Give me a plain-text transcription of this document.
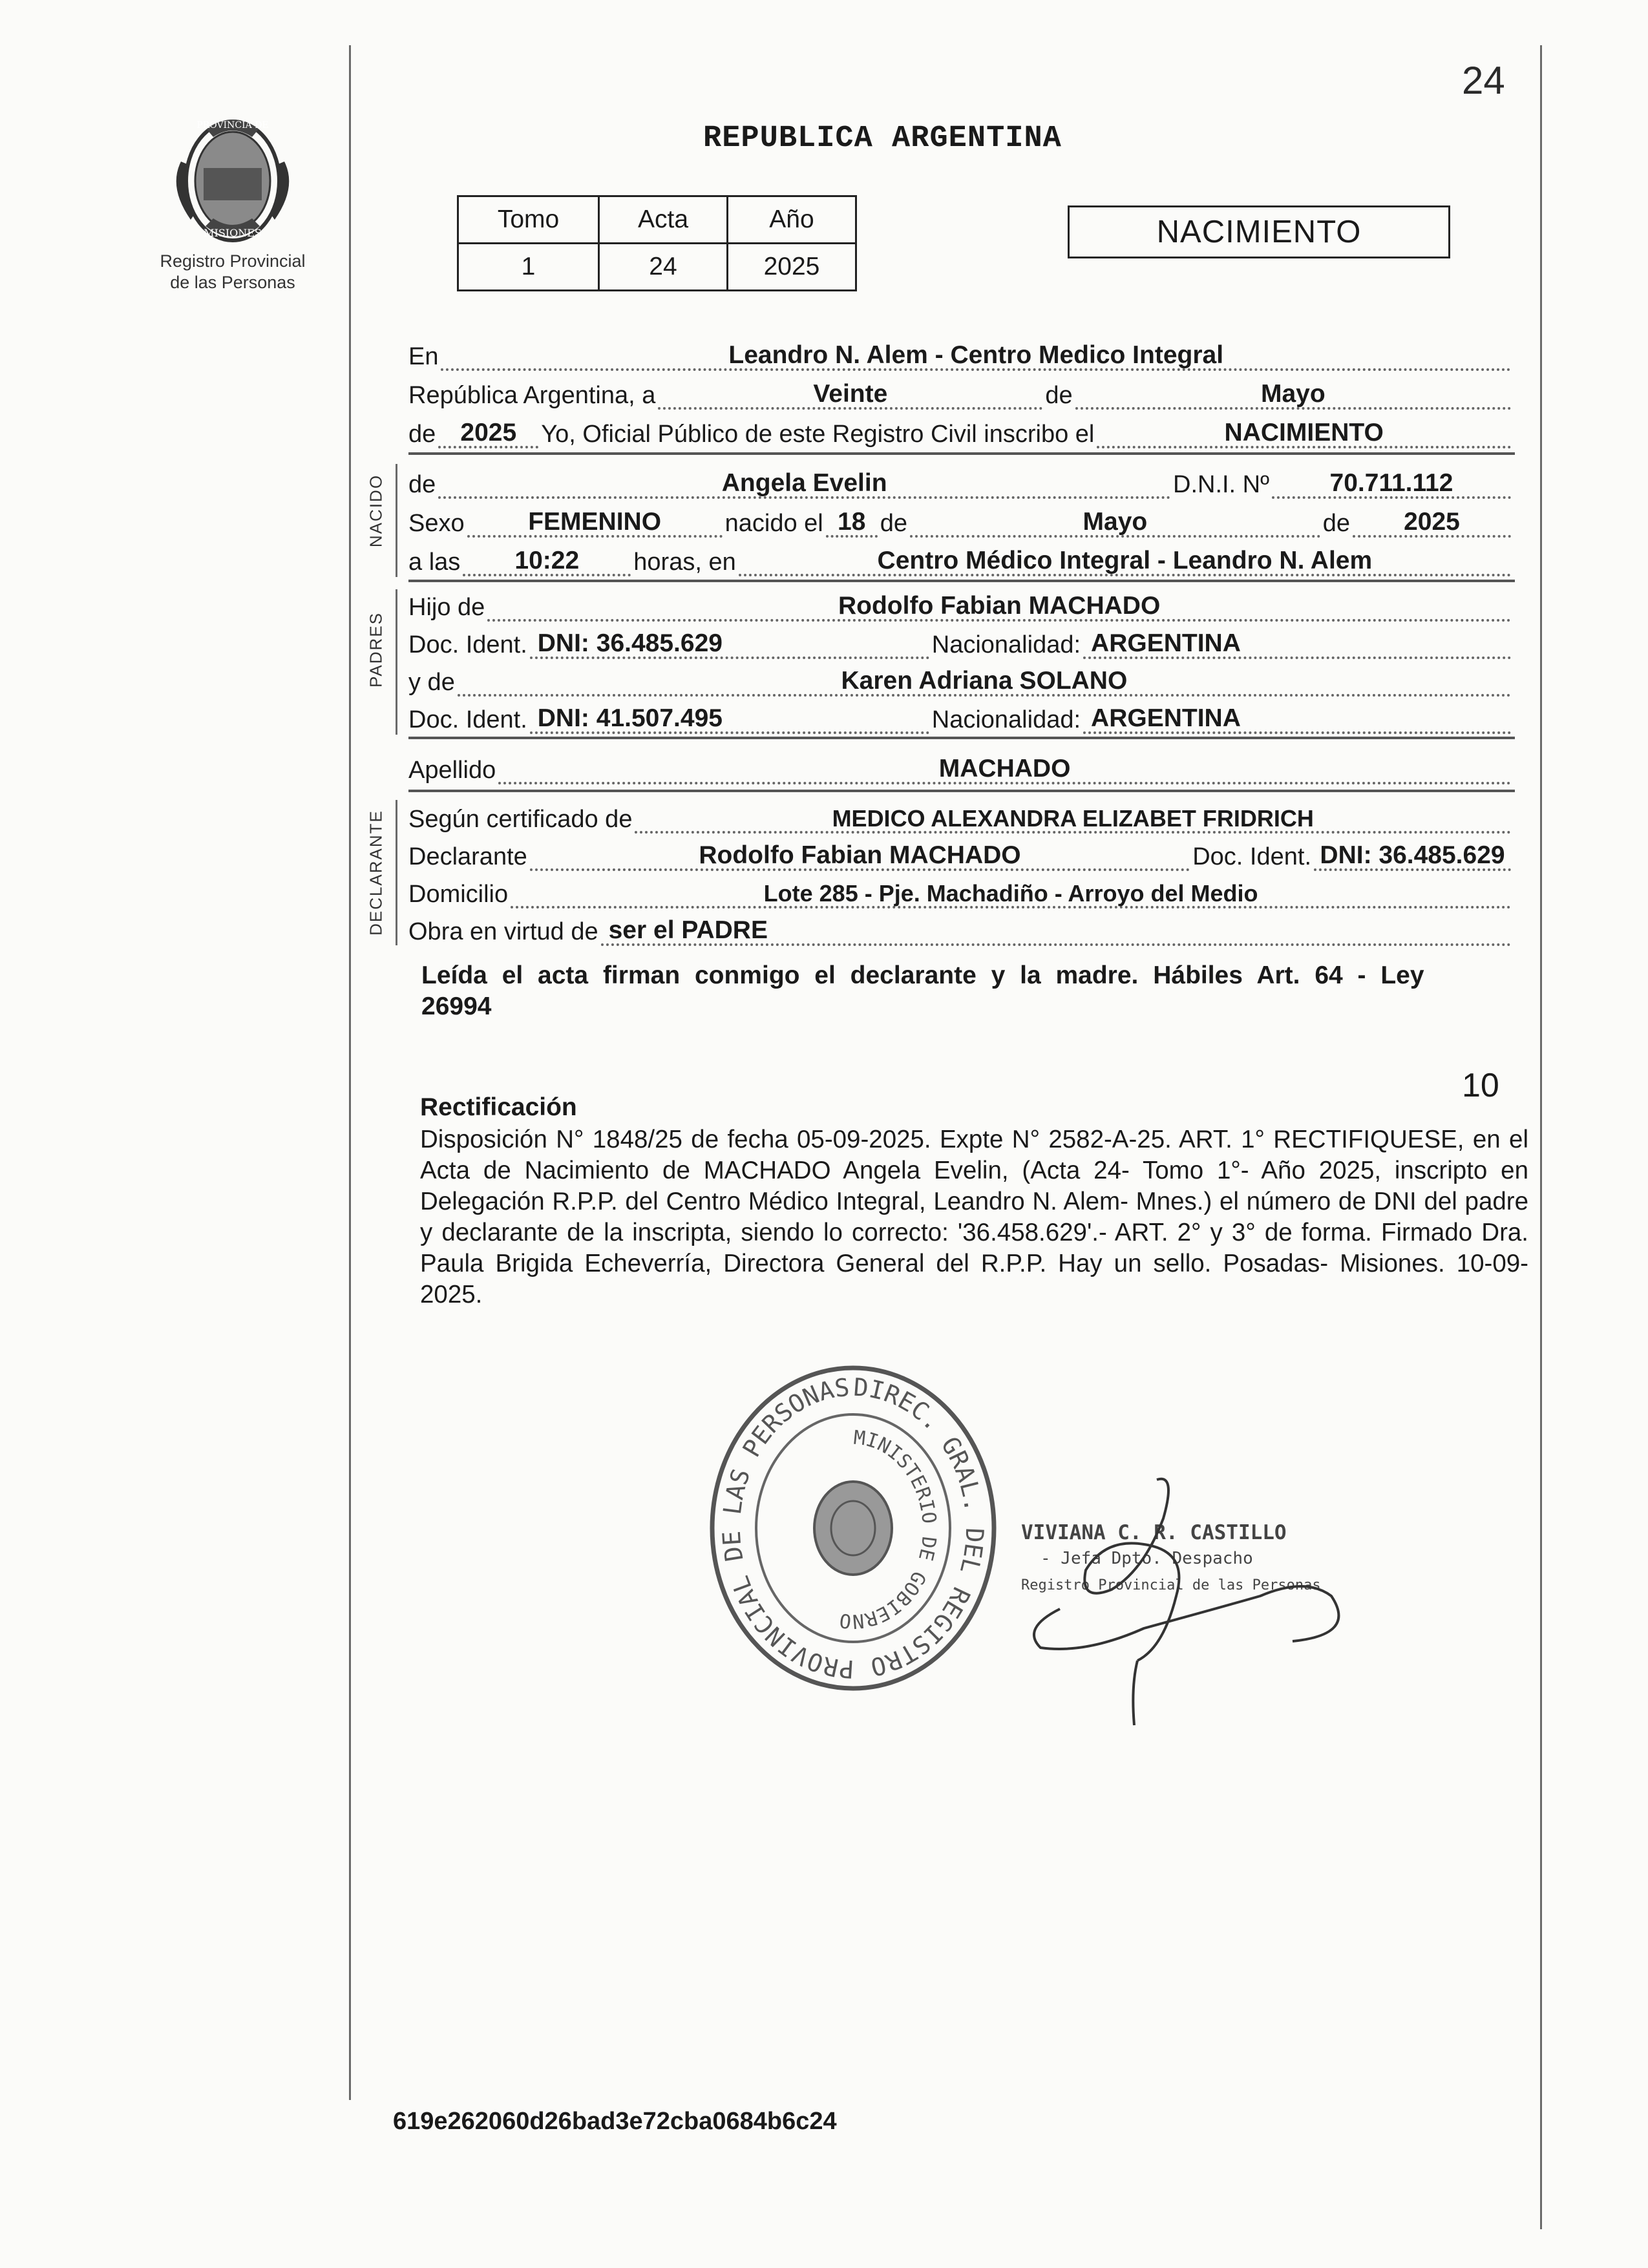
24
REPUBLICA ARGENTINA
PROVINCIA DE
MISIONES
Registro Provincial
de las Personas
Tomo	Acta	Año
1	24	2025
NACIMIENTO
En	Leandro N. Alem - Centro Medico Integral
República Argentina, a	Veinte	de	Mayo
de 2025	Yo, Oficial Público de este Registro Civil inscribo el	NACIMIENTO
NACIDO de	Angela Evelin	D.N.I. Nº	70.711.112
Sexo	FEMENINO	nacido el 18 de	Mayo	de	2025
a las	10:22	horas, en	Centro Médico Integral - Leandro N. Alem
PADRES
Hijo de	Rodolfo Fabian MACHADO
Doc. Ident. DNI: 36.485.629	Nacionalidad: ARGENTINA
y de	Karen Adriana SOLANO
Doc. Ident. DNI: 41.507.495	Nacionalidad: ARGENTINA
Apellido	MACHADO
DECLARANTE Según certificado de	MEDICO ALEXANDRA ELIZABET FRIDRICH
Declarante	Rodolfo Fabian MACHADO	Doc. Ident. DNI: 36.485.629
Domicilio	Lote 285 - Pje. Machadiño - Arroyo del Medio
Obra en virtud de ser el PADRE
Leída el acta firman conmigo el declarante y la madre. Hábiles Art. 64 - Ley 26994
10
Rectificación
Disposición N° 1848/25 de fecha 05-09-2025. Expte N° 2582-A-25. ART. 1° RECTIFIQUESE, en el Acta de Nacimiento de MACHADO Angela Evelin, (Acta 24- Tomo 1°- Año 2025, inscripto en Delegación R.P.P. del Centro Médico Integral, Leandro N. Alem- Mnes.) el número de DNI del padre y declarante de la inscripta, siendo lo correcto: '36.458.629'.- ART. 2° y 3° de forma. Firmado Dra. Paula Brigida Echeverría, Directora General del R.P.P. Hay un sello. Posadas- Misiones. 10-09-2025.
DIREC. GRAL. DEL REGISTRO PROVINCIAL DE LAS PERSONAS
MINISTERIO DE GOBIERNO
VIVIANA C. R. CASTILLO
- Jefa Dpto. Despacho
Registro Provincial de las Personas
619e262060d26bad3e72cba0684b6c24
